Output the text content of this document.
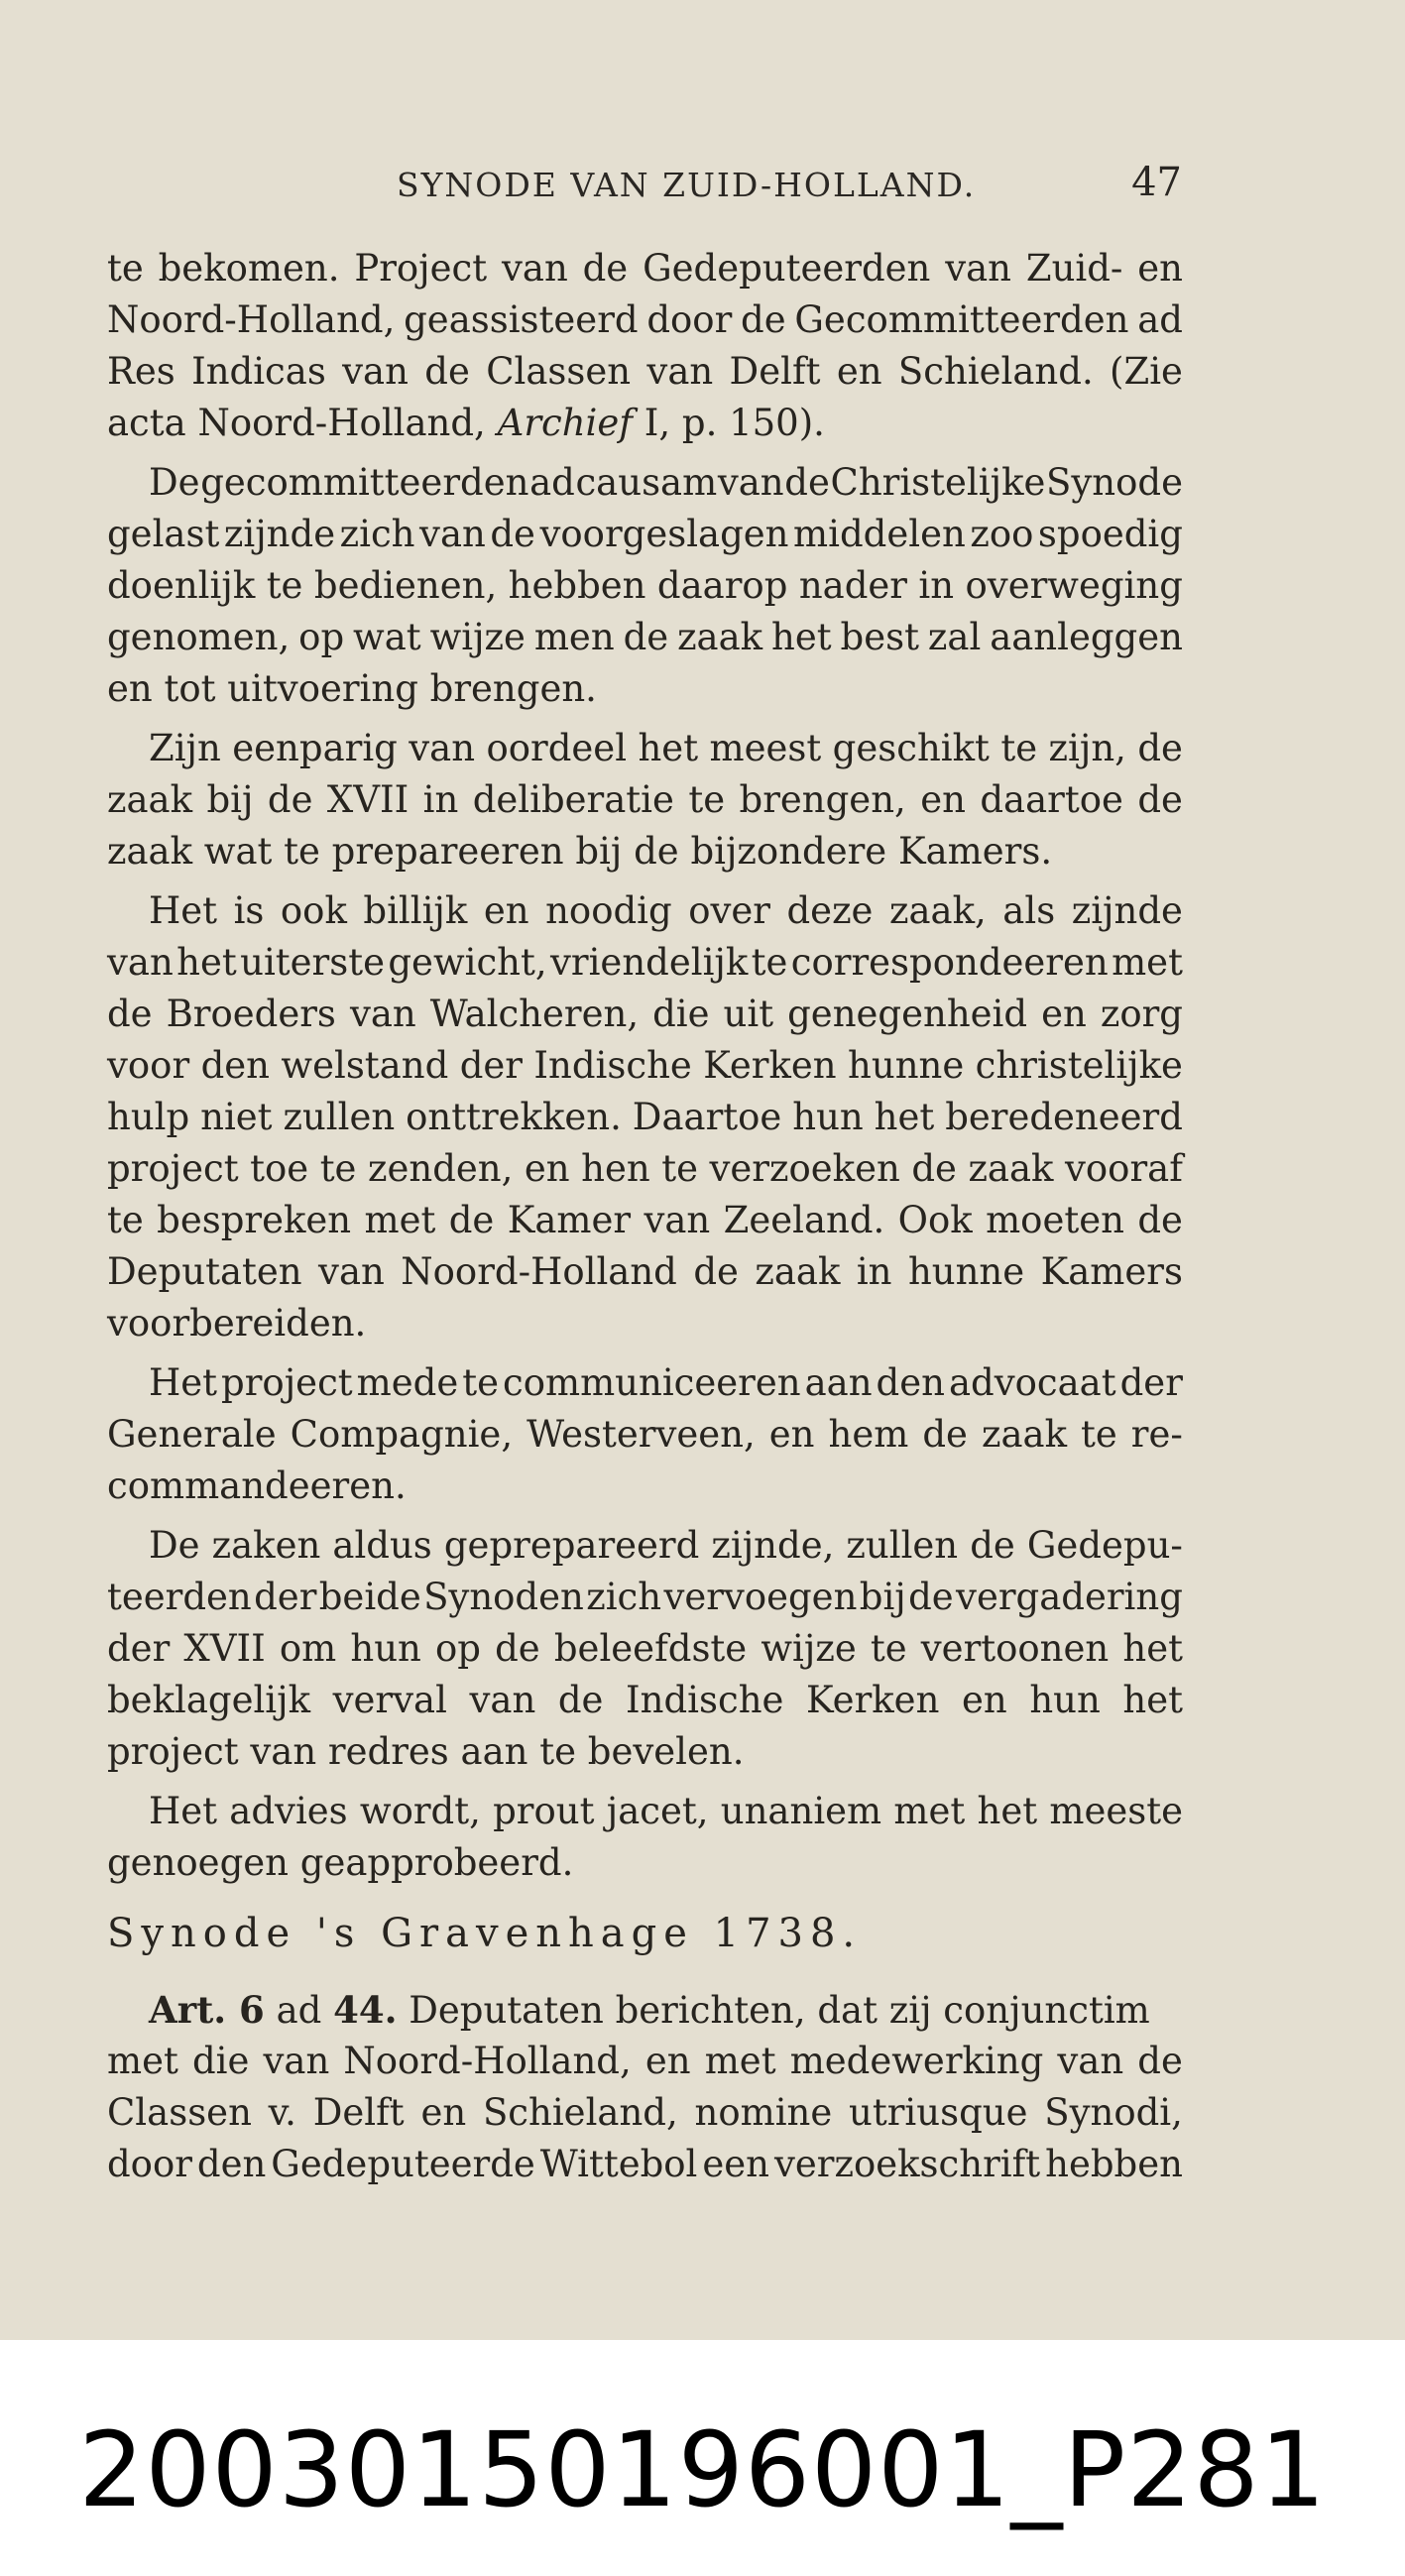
SYNODE VAN ZUID-HOLLAND.	47
te bekomen. Project van de Gedeputeerden van Zuid- en
Noord-Holland, geassisteerd door de Gecommitteerden ad
Res Indicas van de Classen van Delft en Schieland. (Zie
acta Noord-Holland, Archief I, p. 150).
De gecommitteerden ad causam van de Christelijke Synode
gelast zijnde zich van de voorgeslagen middelen zoo spoedig
doenlijk te bedienen, hebben daarop nader in overweging
genomen, op wat wijze men de zaak het best zal aanleggen
en tot uitvoering brengen.
Zijn eenparig van oordeel het meest geschikt te zijn, de
zaak bij de XVII in deliberatie te brengen, en daartoe de
zaak wat te prepareeren bij de bijzondere Kamers.
Het is ook billijk en noodig over deze zaak, als zijnde
van het uiterste gewicht, vriendelijk te correspondeeren met
de Broeders van Walcheren, die uit genegenheid en zorg
voor den welstand der Indische Kerken hunne christelijke
hulp niet zullen onttrekken. Daartoe hun het beredeneerd
project toe te zenden, en hen te verzoeken de zaak vooraf
te bespreken met de Kamer van Zeeland. Ook moeten de
Deputaten van Noord-Holland de zaak in hunne Kamers
voorbereiden.
Het project mede te communiceeren aan den advocaat der
Generale Compagnie, Westerveen, en hem de zaak te re-
commandeeren.
De zaken aldus geprepareerd zijnde, zullen de Gedepu-
teerden der beide Synoden zich vervoegen bij de vergadering
der XVII om hun op de beleefdste wijze te vertoonen het
beklagelijk verval van de Indische Kerken en hun het
project van redres aan te bevelen.
Het advies wordt, prout jacet, unaniem met het meeste
genoegen geapprobeerd.
Synode 's Gravenhage 1738.
Art. 6 ad 44. Deputaten berichten, dat zij conjunctim
met die van Noord-Holland, en met medewerking van de
Classen v. Delft en Schieland, nomine utriusque Synodi,
door den Gedeputeerde Wittebol een verzoekschrift hebben
20030150196001_P281
